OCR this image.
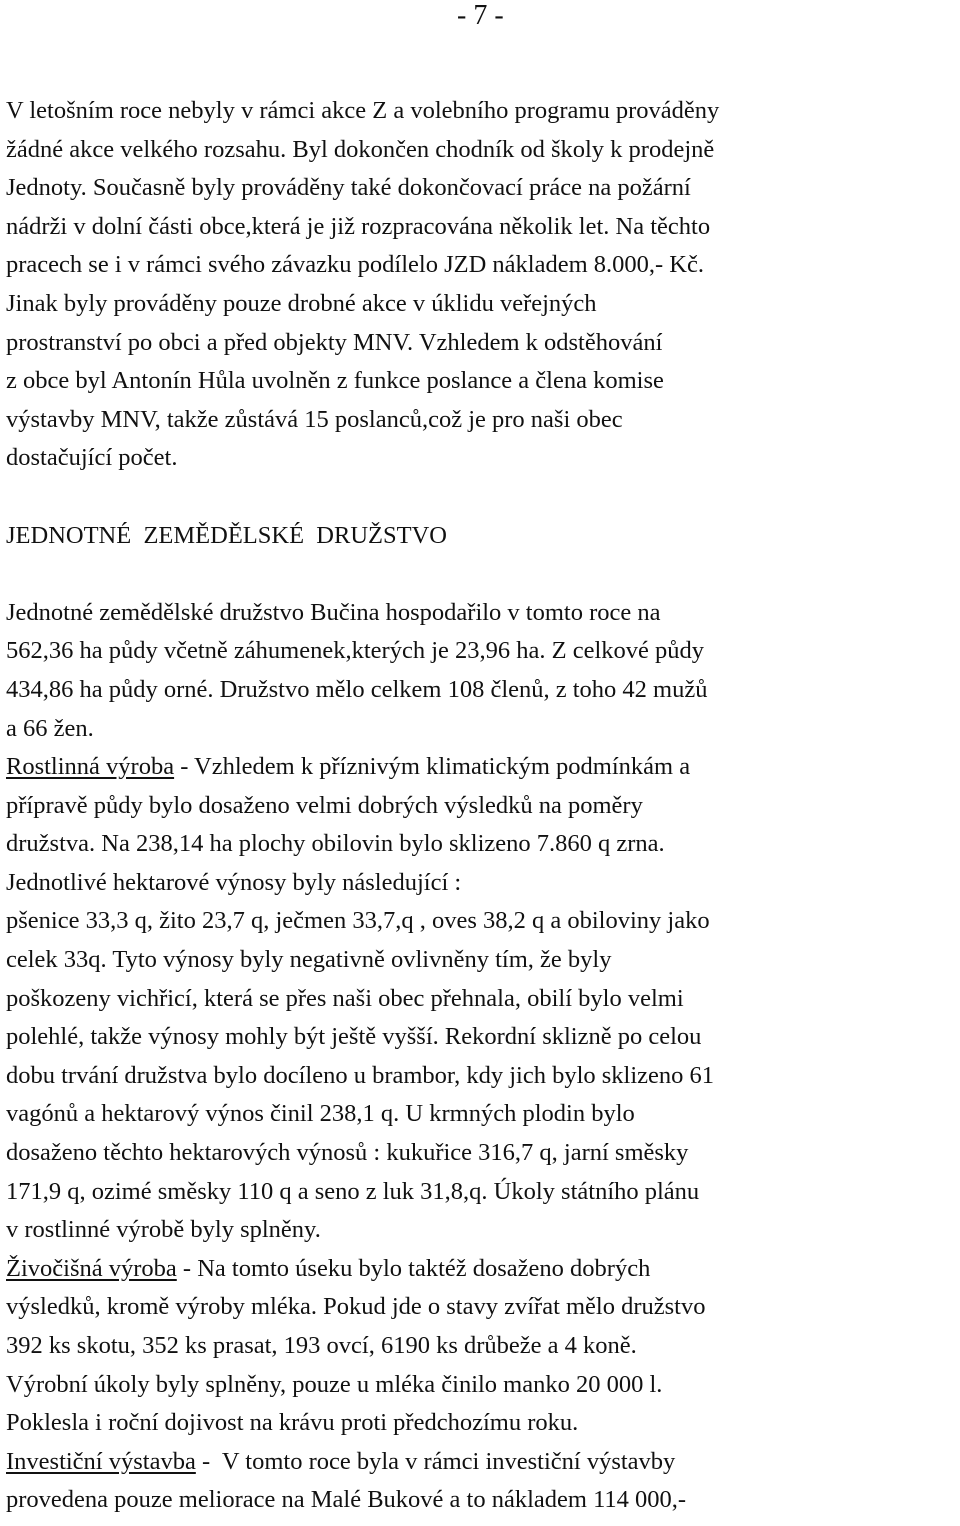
- 7 -
V letošním roce nebyly v rámci akce Z a volebního programu prováděny
žádné akce velkého rozsahu. Byl dokončen chodník od školy k prodejně
Jednoty. Současně byly prováděny také dokončovací práce na požární
nádrži v dolní části obce,která je již rozpracována několik let. Na těchto
pracech se i v rámci svého závazku podílelo JZD nákladem 8.000,- Kč.
Jinak byly prováděny pouze drobné akce v úklidu veřejných
prostranství po obci a před objekty MNV. Vzhledem k odstěhování
z obce byl Antonín Hůla uvolněn z funkce poslance a člena komise
výstavby MNV, takže zůstává 15 poslanců,což je pro naši obec
dostačující počet.
JEDNOTNÉ  ZEMĚDĚLSKÉ  DRUŽSTVO
Jednotné zemědělské družstvo Bučina hospodařilo v tomto roce na
562,36 ha půdy včetně záhumenek,kterých je 23,96 ha. Z celkové půdy
434,86 ha půdy orné. Družstvo mělo celkem 108 členů, z toho 42 mužů
a 66 žen.
Rostlinná výroba - Vzhledem k příznivým klimatickým podmínkám a
přípravě půdy bylo dosaženo velmi dobrých výsledků na poměry
družstva. Na 238,14 ha plochy obilovin bylo sklizeno 7.860 q zrna.
Jednotlivé hektarové výnosy byly následující :
pšenice 33,3 q, žito 23,7 q, ječmen 33,7,q , oves 38,2 q a obiloviny jako
celek 33q. Tyto výnosy byly negativně ovlivněny tím, že byly
poškozeny vichřicí, která se přes naši obec přehnala, obilí bylo velmi
polehlé, takže výnosy mohly být ještě vyšší. Rekordní sklizně po celou
dobu trvání družstva bylo docíleno u brambor, kdy jich bylo sklizeno 61
vagónů a hektarový výnos činil 238,1 q. U krmných plodin bylo
dosaženo těchto hektarových výnosů : kukuřice 316,7 q, jarní směsky
171,9 q, ozimé směsky 110 q a seno z luk 31,8,q. Úkoly státního plánu
v rostlinné výrobě byly splněny.
Živočišná výroba - Na tomto úseku bylo taktéž dosaženo dobrých
výsledků, kromě výroby mléka. Pokud jde o stavy zvířat mělo družstvo
392 ks skotu, 352 ks prasat, 193 ovcí, 6190 ks drůbeže a 4 koně.
Výrobní úkoly byly splněny, pouze u mléka činilo manko 20 000 l.
Poklesla i roční dojivost na krávu proti předchozímu roku.
Investiční výstavba -  V tomto roce byla v rámci investiční výstavby
provedena pouze meliorace na Malé Bukové a to nákladem 114 000,-
